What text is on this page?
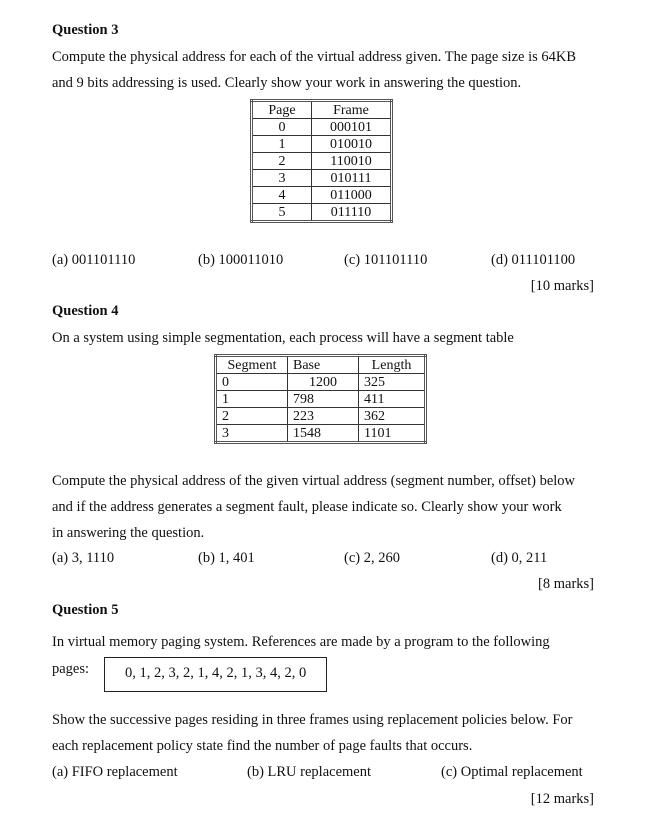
Question 3
Compute the physical address for each of the virtual address given. The page size is 64KB
and 9 bits addressing is used. Clearly show your work in answering the question.
Page	Frame
0	000101
1	010010
2	110010
3	010111
4	011000
5	011110
(a) 001101110	(b) 100011010	(c) 101101110	(d) 011101100
[10 marks]
Question 4
On a system using simple segmentation, each process will have a segment table
Segment	Base	Length
0	1200	325
1	798	411
2	223	362
3	1548	1101
Compute the physical address of the given virtual address (segment number, offset) below
and if the address generates a segment fault, please indicate so. Clearly show your work
in answering the question.
(a) 3, 1110	(b) 1, 401	(c) 2, 260	(d) 0, 211
[8 marks]
Question 5
In virtual memory paging system. References are made by a program to the following
pages:	0, 1, 2, 3, 2, 1, 4, 2, 1, 3, 4, 2, 0
Show the successive pages residing in three frames using replacement policies below. For
each replacement policy state find the number of page faults that occurs.
(a) FIFO replacement	(b) LRU replacement	(c) Optimal replacement
[12 marks]
